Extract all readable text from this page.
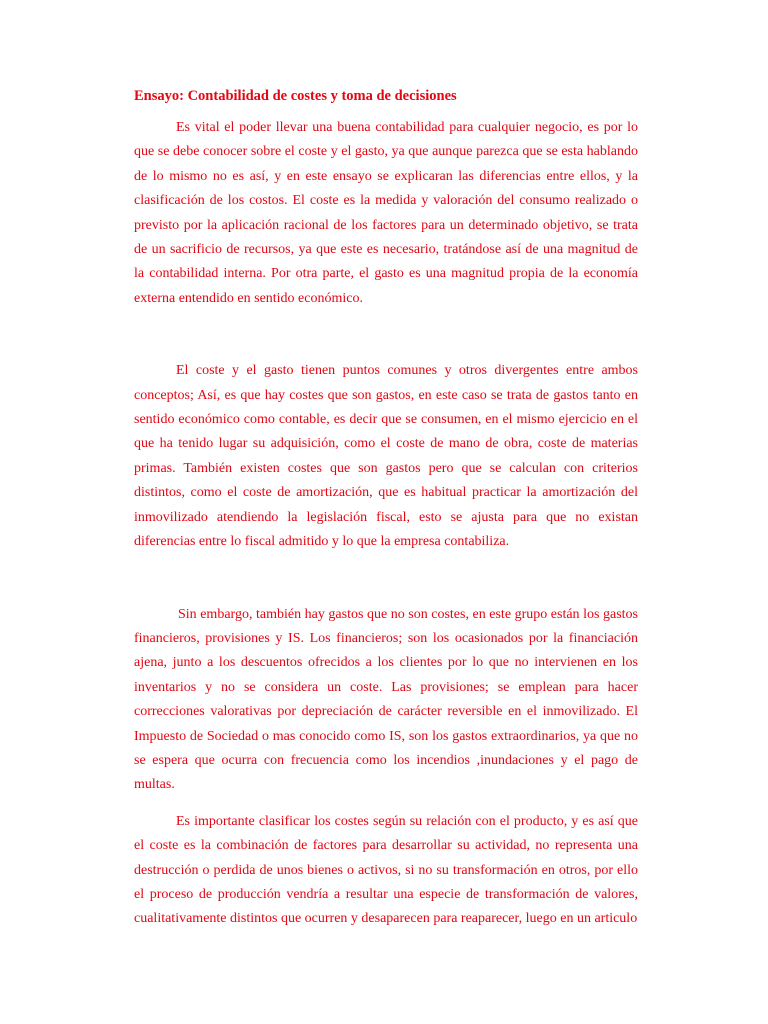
Ensayo: Contabilidad de costes y toma de decisiones

Es vital el poder llevar una buena contabilidad para cualquier negocio, es por lo que se debe conocer sobre el coste y el gasto, ya que aunque parezca que se esta hablando de lo mismo no es así, y en este ensayo se explicaran las diferencias entre ellos, y la clasificación de los costos. El coste es la medida y valoración del consumo realizado o previsto por la aplicación racional de los factores para un determinado objetivo, se trata de un sacrificio de recursos, ya que este es necesario, tratándose así de una magnitud de la contabilidad interna. Por otra parte, el gasto es una magnitud propia de la economía externa entendido en sentido económico.

El coste y el gasto tienen puntos comunes y otros divergentes entre ambos conceptos; Así, es que hay costes que son gastos, en este caso se trata de gastos tanto en sentido económico como contable, es decir que se consumen, en el mismo ejercicio en el que ha tenido lugar su adquisición, como el coste de mano de obra, coste de materias primas. También existen costes que son gastos pero que se calculan con criterios distintos, como el coste de amortización, que es habitual practicar la amortización del inmovilizado atendiendo la legislación fiscal, esto se ajusta para que no existan diferencias entre lo fiscal admitido y lo que la empresa contabiliza.

Sin embargo, también hay gastos que no son costes, en este grupo están los gastos financieros, provisiones y IS. Los financieros; son los ocasionados por la financiación ajena, junto a los descuentos ofrecidos a los clientes por lo que no intervienen en los inventarios y no se considera un coste. Las provisiones; se emplean para hacer correcciones valorativas por depreciación de carácter reversible en el inmovilizado. El Impuesto de Sociedad o mas conocido como IS, son los gastos extraordinarios, ya que no se espera que ocurra con frecuencia como los incendios ,inundaciones y el pago de multas.

Es importante clasificar los costes según su relación con el producto, y es así que el coste es la combinación de factores para desarrollar su actividad, no representa una destrucción o perdida de unos bienes o activos, si no su transformación en otros, por ello el proceso de producción vendría a resultar una especie de transformación de valores, cualitativamente distintos que ocurren y desaparecen para reaparecer, luego en un articulo
